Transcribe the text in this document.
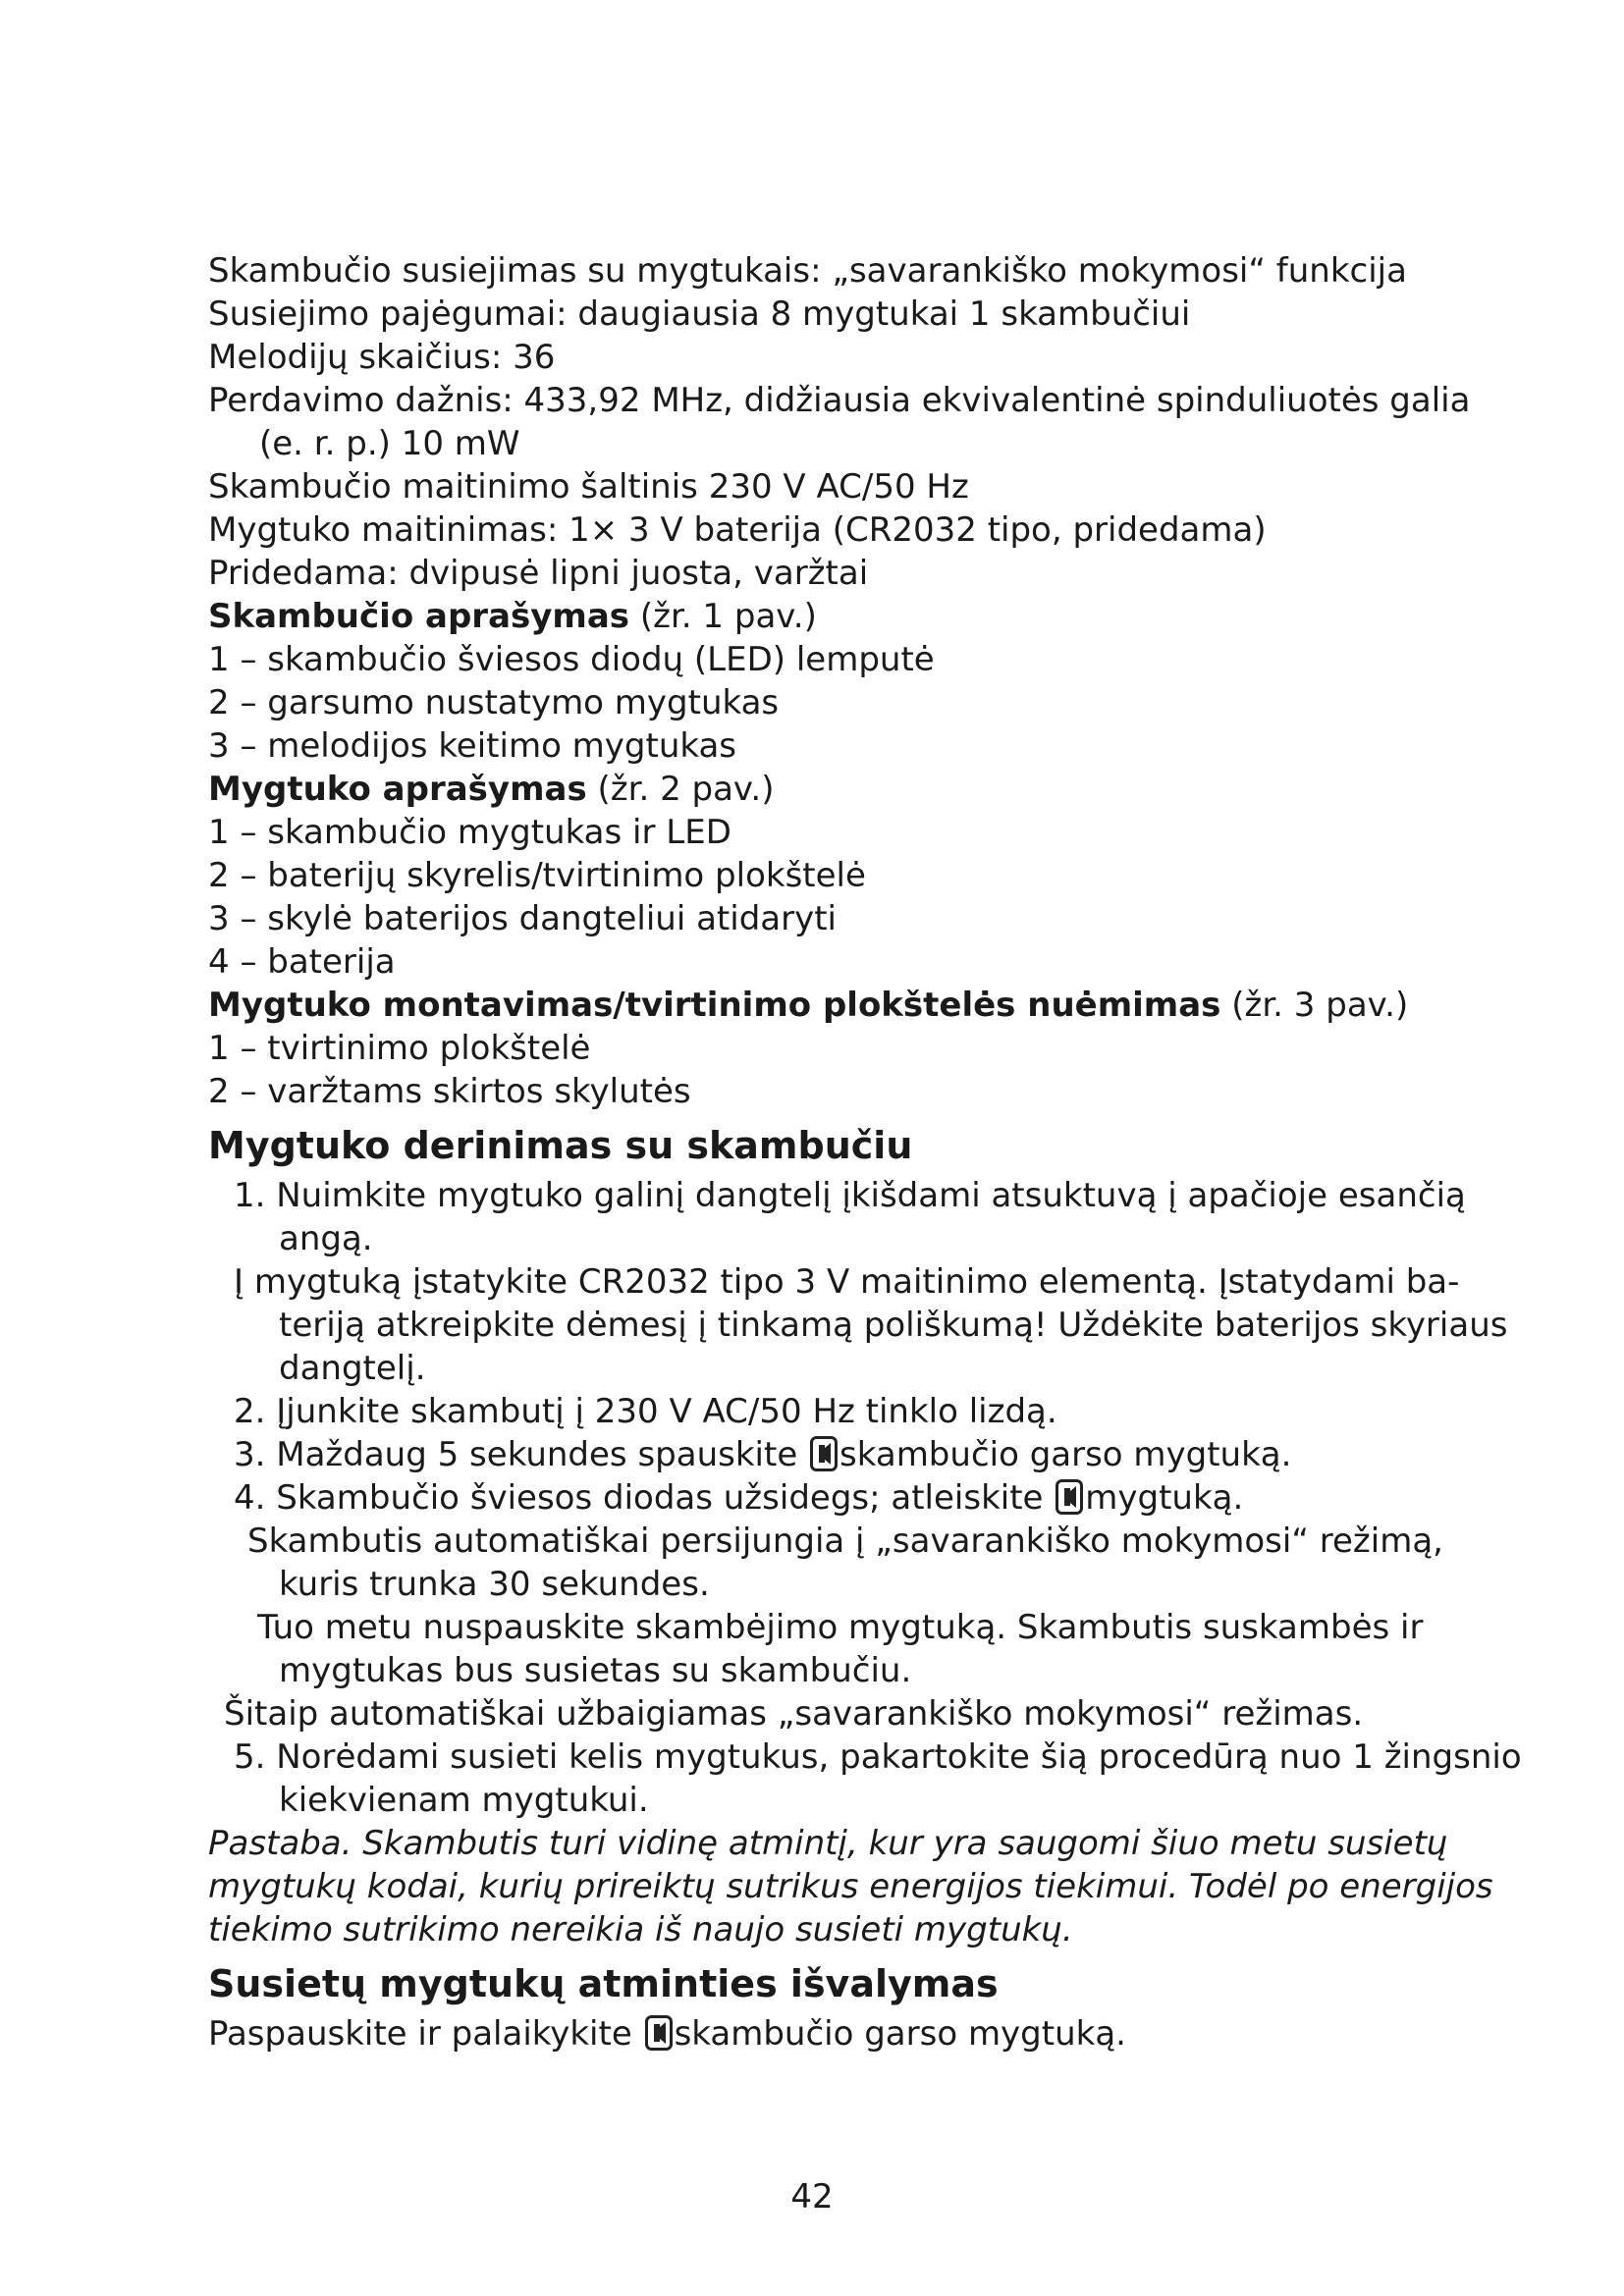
Skambučio susiejimas su mygtukais: „savarankiško mokymosi“ funkcija
Susiejimo pajėgumai: daugiausia 8 mygtukai 1 skambučiui
Melodijų skaičius: 36
Perdavimo dažnis: 433,92 MHz, didžiausia ekvivalentinė spinduliuotės galia
(e. r. p.) 10 mW
Skambučio maitinimo šaltinis 230 V AC/50 Hz
Mygtuko maitinimas: 1× 3 V baterija (CR2032 tipo, pridedama)
Pridedama: dvipusė lipni juosta, varžtai
Skambučio aprašymas (žr. 1 pav.)
1 – skambučio šviesos diodų (LED) lemputė
2 – garsumo nustatymo mygtukas
3 – melodijos keitimo mygtukas
Mygtuko aprašymas (žr. 2 pav.)
1 – skambučio mygtukas ir LED
2 – baterijų skyrelis/tvirtinimo plokštelė
3 – skylė baterijos dangteliui atidaryti
4 – baterija
Mygtuko montavimas/tvirtinimo plokštelės nuėmimas (žr. 3 pav.)
1 – tvirtinimo plokštelė
2 – varžtams skirtos skylutės
Mygtuko derinimas su skambučiu
1. Nuimkite mygtuko galinį dangtelį įkišdami atsuktuvą į apačioje esančią
angą.
Į mygtuką įstatykite CR2032 tipo 3 V maitinimo elementą. Įstatydami ba-
teriją atkreipkite dėmesį į tinkamą poliškumą! Uždėkite baterijos skyriaus
dangtelį.
2. Įjunkite skambutį į 230 V AC/50 Hz tinklo lizdą.
3. Maždaug 5 sekundes spauskite skambučio garso mygtuką.
4. Skambučio šviesos diodas užsidegs; atleiskite mygtuką.
Skambutis automatiškai persijungia į „savarankiško mokymosi“ režimą,
kuris trunka 30 sekundes.
Tuo metu nuspauskite skambėjimo mygtuką. Skambutis suskambės ir
mygtukas bus susietas su skambučiu.
Šitaip automatiškai užbaigiamas „savarankiško mokymosi“ režimas.
5. Norėdami susieti kelis mygtukus, pakartokite šią procedūrą nuo 1 žingsnio
kiekvienam mygtukui.
Pastaba. Skambutis turi vidinę atmintį, kur yra saugomi šiuo metu susietų
mygtukų kodai, kurių prireiktų sutrikus energijos tiekimui. Todėl po energijos
tiekimo sutrikimo nereikia iš naujo susieti mygtukų.
Susietų mygtukų atminties išvalymas
Paspauskite ir palaikykite skambučio garso mygtuką.
42
